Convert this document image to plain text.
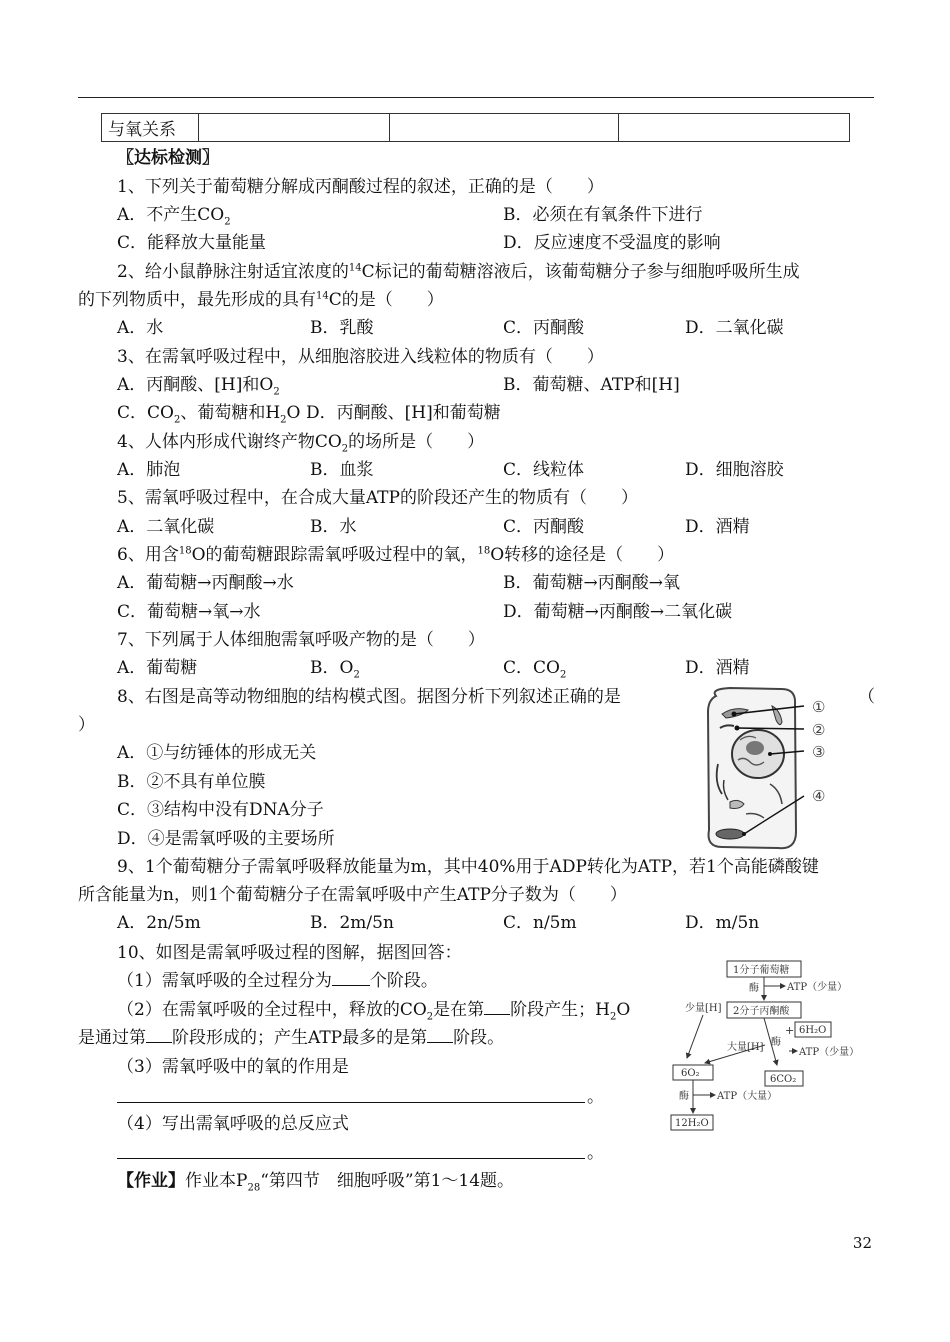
与氧关系			
〖达标检测〗
1、下列关于葡萄糖分解成丙酮酸过程的叙述，正确的是（　　）
A．不产生$CO_2$	B．必须在有氧条件下进行
C．能释放大量能量	D．反应速度不受温度的影响
2、给小鼠静脉注射适宜浓度的$^{14}$C标记的葡萄糖溶液后，该葡萄糖分子参与细胞呼吸所生成
的下列物质中，最先形成的具有$^{14}$C的是（　　）
A．水	B．乳酸	C．丙酮酸	D．二氧化碳
3、在需氧呼吸过程中，从细胞溶胶进入线粒体的物质有（　　）
A．丙酮酸、[H]和$O_2$	B．葡萄糖、ATP和[H]
C．$CO_2$、葡萄糖和$H_2O$ D．丙酮酸、[H]和葡萄糖
4、人体内形成代谢终产物$CO_2$的场所是（　　）
A．肺泡	B．血浆	C．线粒体	D．细胞溶胶
5、需氧呼吸过程中，在合成大量ATP的阶段还产生的物质有（　　）
A．二氧化碳	B．水	C．丙酮酸	D．酒精
6、用含$^{18}$O的葡萄糖跟踪需氧呼吸过程中的氧，$^{18}$O转移的途径是（　　）
A．葡萄糖→丙酮酸→水	B．葡萄糖→丙酮酸→氧
C．葡萄糖→氧→水	D．葡萄糖→丙酮酸→二氧化碳
7、下列属于人体细胞需氧呼吸产物的是（　　）
A．葡萄糖	B．$O_2$	C．$CO_2$	D．酒精
8、右图是高等动物细胞的结构模式图。据图分析下列叙述正确的是	（
）
A．①与纺锤体的形成无关
B．②不具有单位膜
C．③结构中没有DNA分子
D．④是需氧呼吸的主要场所
①
②
③
④
9、1个葡萄糖分子需氧呼吸释放能量为m，其中40%用于ADP转化为ATP，若1个高能磷酸键
所含能量为n，则1个葡萄糖分子在需氧呼吸中产生ATP分子数为（　　）
A．2n/5m	B．2m/5n	C．n/5m	D．m/5n
10、如图是需氧呼吸过程的图解，据图回答：
（1）需氧呼吸的全过程分为 个阶段。
（2）在需氧呼吸的全过程中，释放的$CO_2$是在第 阶段产生；$H_2O$
是通过第 阶段形成的；产生ATP最多的是第 阶段。
（3）需氧呼吸中的氧的作用是
。
（4）写出需氧呼吸的总反应式
。
1分子葡萄糖
酶	ATP（少量）
2分子丙酮酸
少量[H]
+ 6H₂O
大量[H] 酶
ATP（少量）
6O₂
6CO₂
酶	ATP（大量）
12H₂O
【作业】作业本$P_{28}“$第四节　细胞呼吸”第1～14题。
32
